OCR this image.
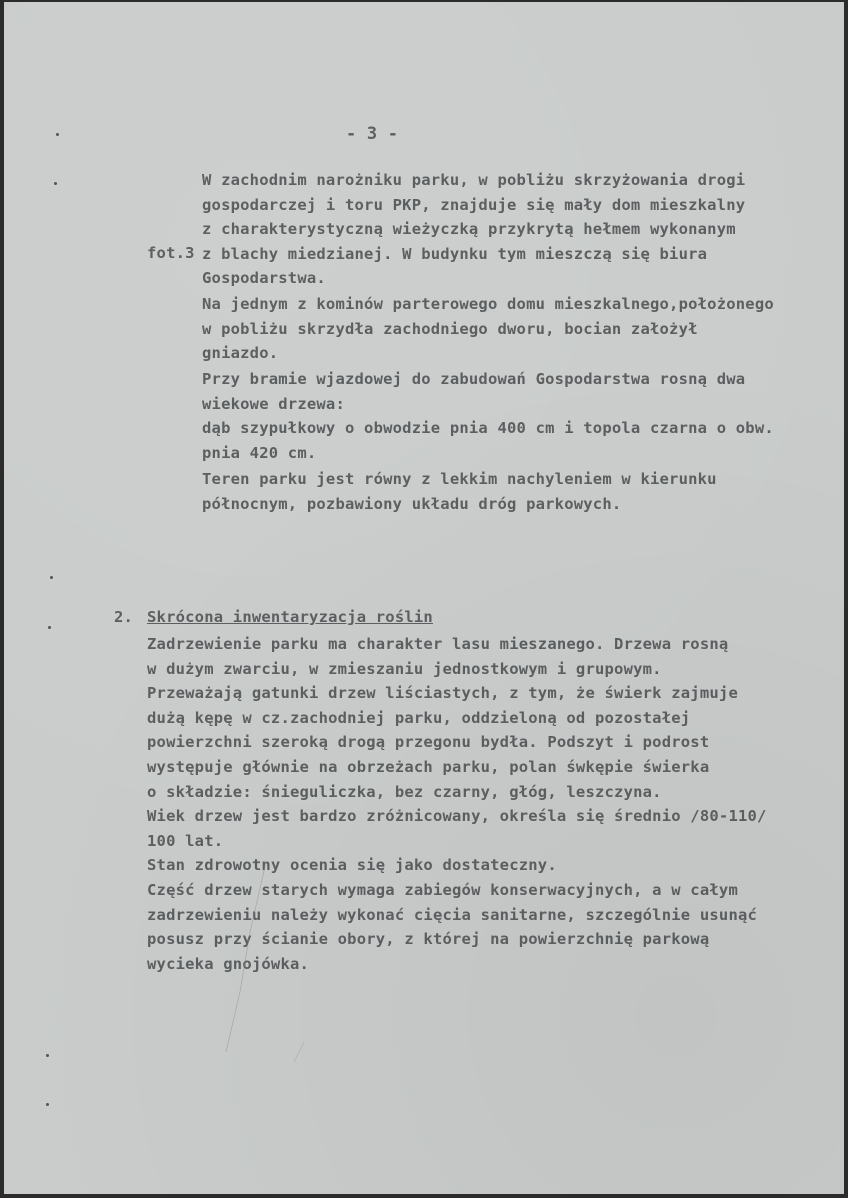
- 3 -
W zachodnim narożniku parku, w pobliżu skrzyżowania drogi
gospodarczej i toru PKP, znajduje się mały dom mieszkalny
z charakterystyczną wieżyczką przykrytą hełmem wykonanym
z blachy miedzianej. W budynku tym mieszczą się biura
Gospodarstwa.
fot.3
Na jednym z kominów parterowego domu mieszkalnego,położonego
w pobliżu skrzydła zachodniego dworu, bocian założył
gniazdo.
Przy bramie wjazdowej do zabudowań Gospodarstwa rosną dwa
wiekowe drzewa:
dąb szypułkowy o obwodzie pnia 400 cm i topola czarna o obw.
pnia 420 cm.
Teren parku jest równy z lekkim nachyleniem w kierunku
północnym, pozbawiony układu dróg parkowych.
2. Skrócona inwentaryzacja roślin
Zadrzewienie parku ma charakter lasu mieszanego. Drzewa rosną
w dużym zwarciu, w zmieszaniu jednostkowym i grupowym.
Przeważają gatunki drzew liściastych, z tym, że świerk zajmuje
dużą kępę w cz.zachodniej parku, oddzieloną od pozostałej
powierzchni szeroką drogą przegonu bydła. Podszyt i podrost
występuje głównie na obrzeżach parku, polan śwkępie świerka
o składzie: śnieguliczka, bez czarny, głóg, leszczyna.
Wiek drzew jest bardzo zróżnicowany, określa się średnio /80-110/
100 lat.
Stan zdrowotny ocenia się jako dostateczny.
Część drzew starych wymaga zabiegów konserwacyjnych, a w całym
zadrzewieniu należy wykonać cięcia sanitarne, szczególnie usunąć
posusz przy ścianie obory, z której na powierzchnię parkową
wycieka gnojówka.
